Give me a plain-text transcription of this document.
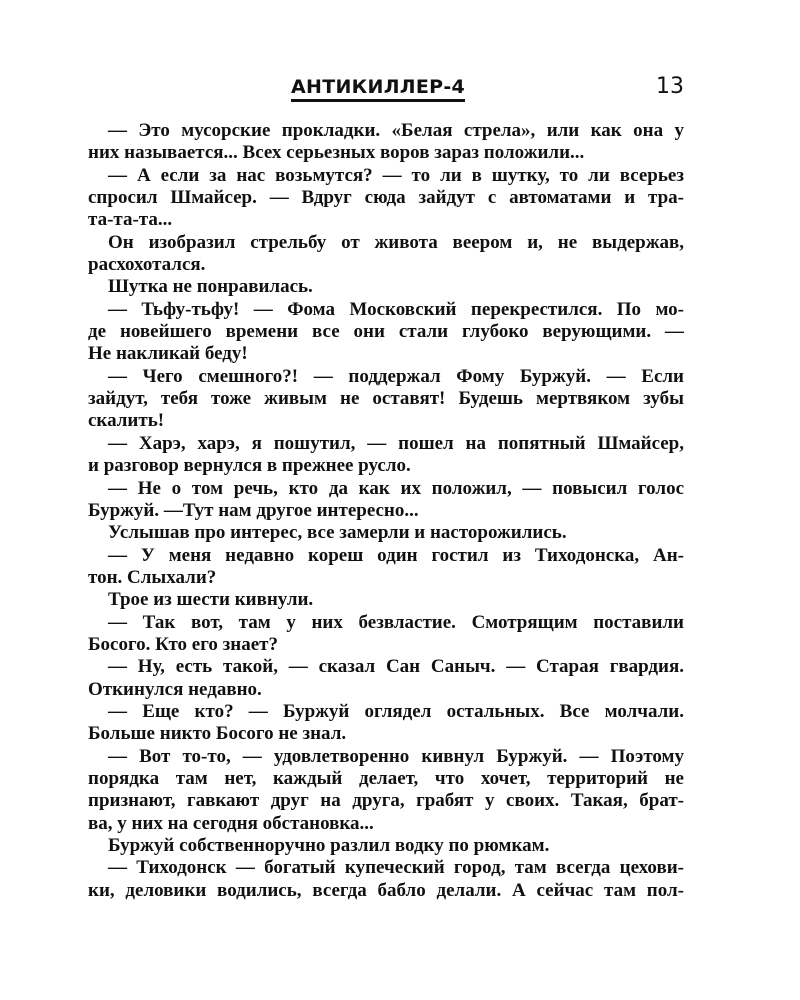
АНТИКИЛЛЕР-4	13
— Это мусорские прокладки. «Белая стрела», или как она у
них называется... Всех серьезных воров зараз положили...
— А если за нас возьмутся? — то ли в шутку, то ли всерьез
спросил Шмайсер. — Вдруг сюда зайдут с автоматами и тра-
та-та-та...
Он изобразил стрельбу от живота веером и, не выдержав,
расхохотался.
Шутка не понравилась.
— Тьфу-тьфу! — Фома Московский перекрестился. По мо-
де новейшего времени все они стали глубоко верующими. —
Не накликай беду!
— Чего смешного?! — поддержал Фому Буржуй. — Если
зайдут, тебя тоже живым не оставят! Будешь мертвяком зубы
скалить!
— Харэ, харэ, я пошутил, — пошел на попятный Шмайсер,
и разговор вернулся в прежнее русло.
— Не о том речь, кто да как их положил, — повысил голос
Буржуй. —Тут нам другое интересно...
Услышав про интерес, все замерли и насторожились.
— У меня недавно кореш один гостил из Тиходонска, Ан-
тон. Слыхали?
Трое из шести кивнули.
— Так вот, там у них безвластие. Смотрящим поставили
Босого. Кто его знает?
— Ну, есть такой, — сказал Сан Саныч. — Старая гвардия.
Откинулся недавно.
— Еще кто? — Буржуй оглядел остальных. Все молчали.
Больше никто Босого не знал.
— Вот то-то, — удовлетворенно кивнул Буржуй. — Поэтому
порядка там нет, каждый делает, что хочет, территорий не
признают, гавкают друг на друга, грабят у своих. Такая, брат-
ва, у них на сегодня обстановка...
Буржуй собственноручно разлил водку по рюмкам.
— Тиходонск — богатый купеческий город, там всегда цехови-
ки, деловики водились, всегда бабло делали. А сейчас там пол-
